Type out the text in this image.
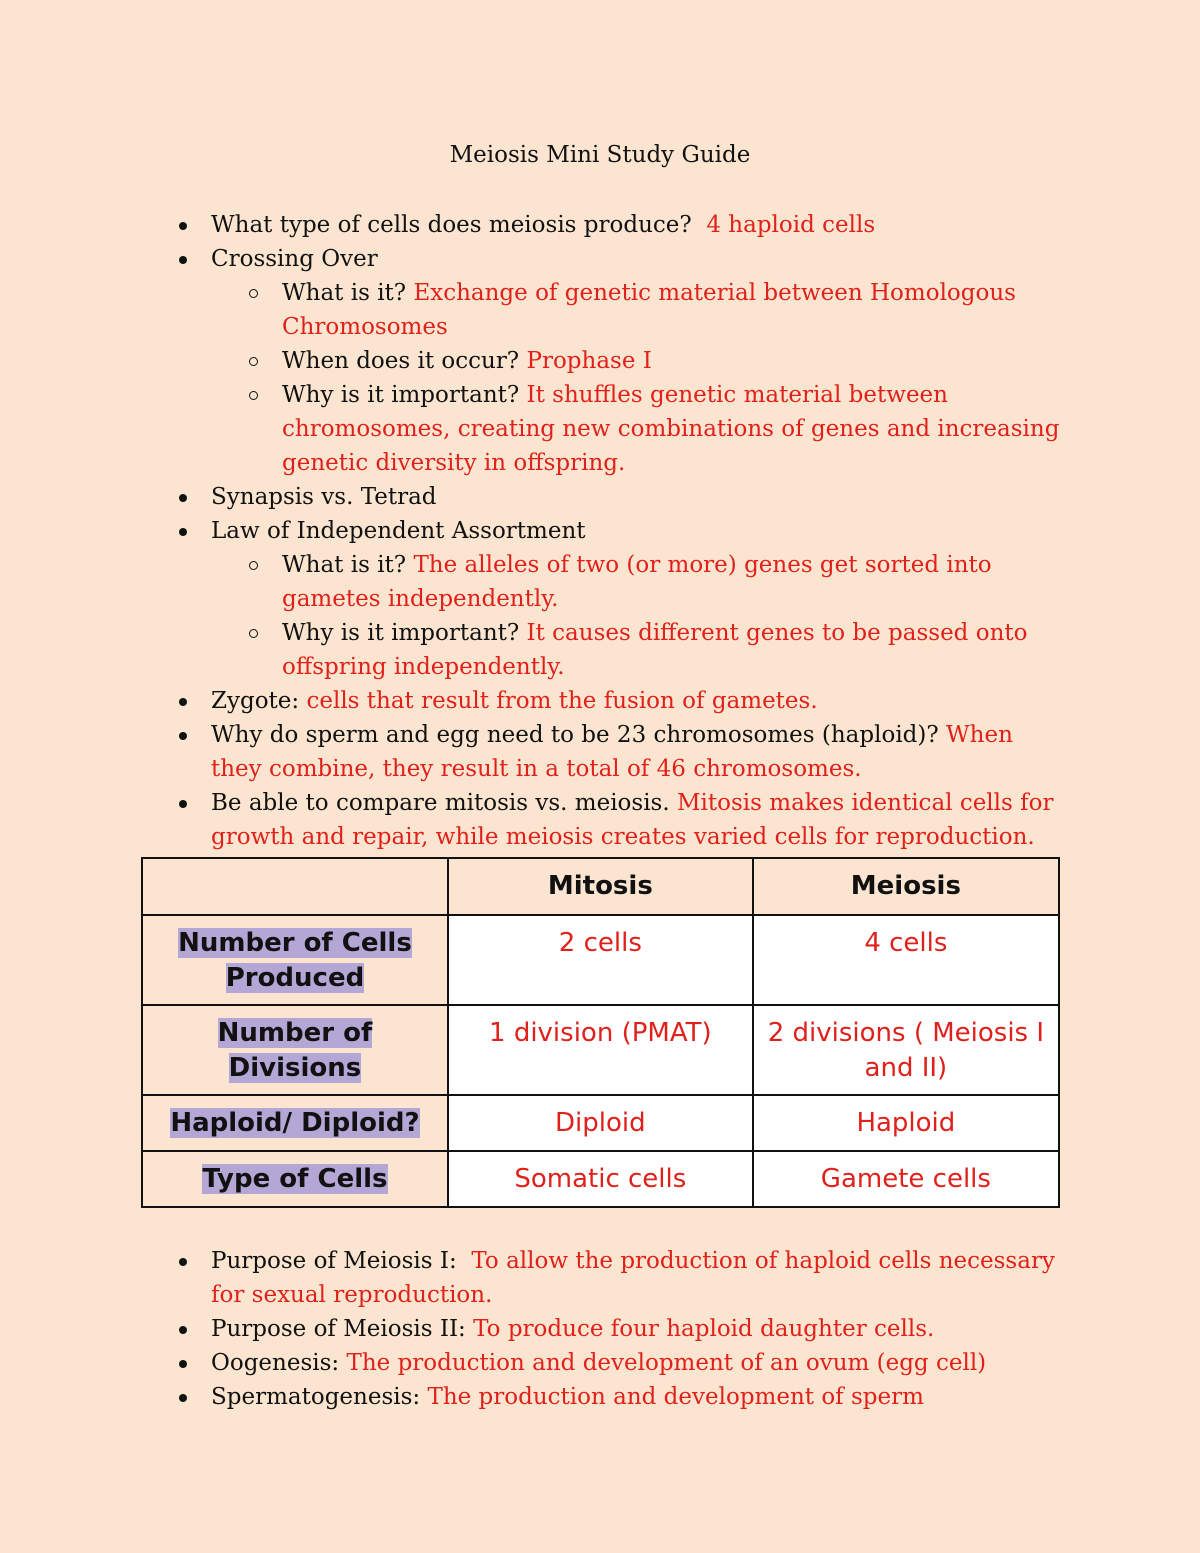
Meiosis Mini Study Guide
What type of cells does meiosis produce? 4 haploid cells
Crossing Over
What is it? Exchange of genetic material between Homologous Chromosomes
When does it occur? Prophase I
Why is it important? It shuffles genetic material between chromosomes, creating new combinations of genes and increasing genetic diversity in offspring.
Synapsis vs. Tetrad
Law of Independent Assortment
What is it? The alleles of two (or more) genes get sorted into gametes independently.
Why is it important? It causes different genes to be passed onto offspring independently.
Zygote: cells that result from the fusion of gametes.
Why do sperm and egg need to be 23 chromosomes (haploid)? When they combine, they result in a total of 46 chromosomes.
Be able to compare mitosis vs. meiosis. Mitosis makes identical cells for growth and repair, while meiosis creates varied cells for reproduction.
	Mitosis	Meiosis
Number of Cells Produced	2 cells	4 cells
Number of Divisions	1 division (PMAT)	2 divisions ( Meiosis I and II)
Haploid/ Diploid?	Diploid	Haploid
Type of Cells	Somatic cells	Gamete cells
Purpose of Meiosis I: To allow the production of haploid cells necessary for sexual reproduction.
Purpose of Meiosis II: To produce four haploid daughter cells.
Oogenesis: The production and development of an ovum (egg cell)
Spermatogenesis: The production and development of sperm
